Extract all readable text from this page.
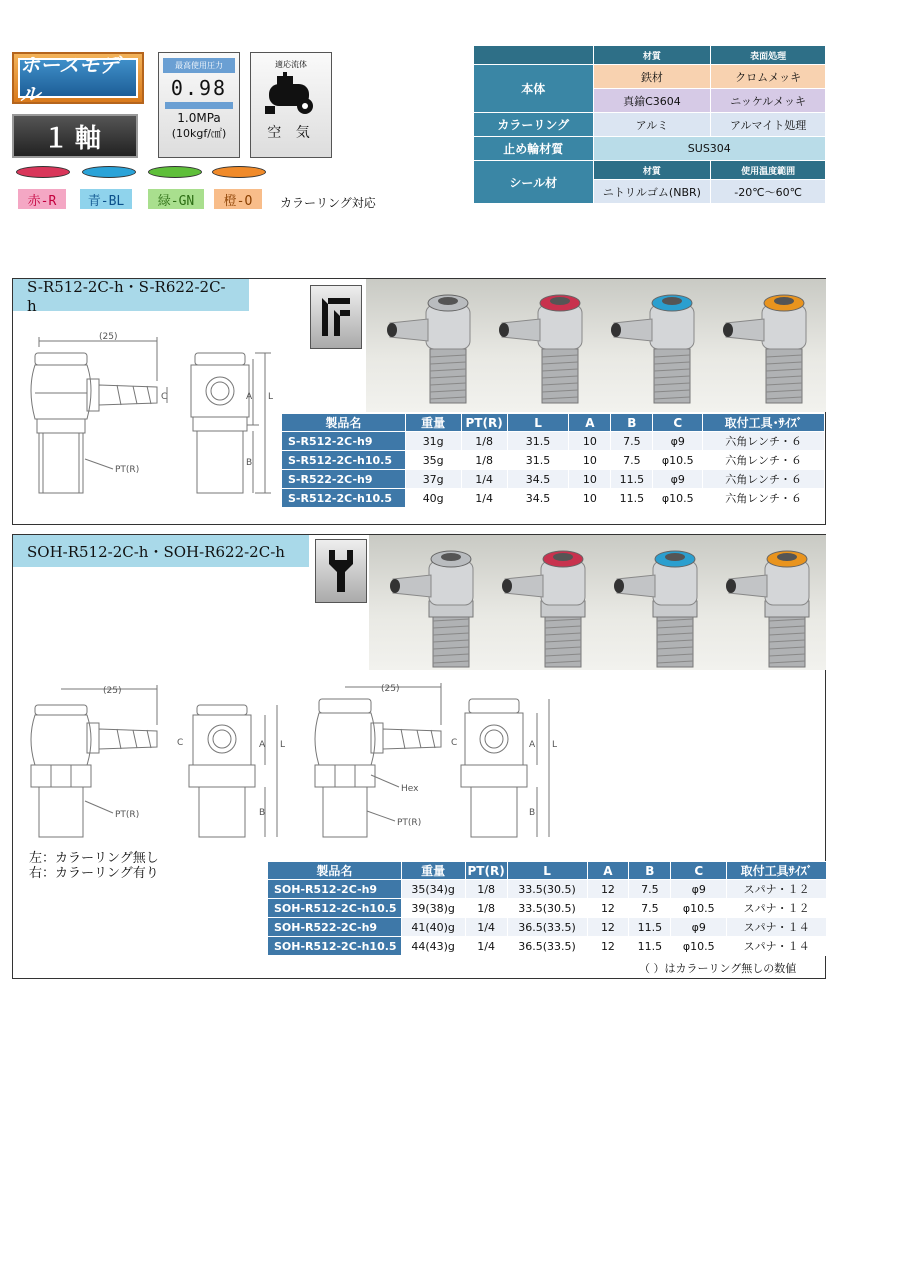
ホースモデル
１軸
最高使用圧力
0.98
1.0MPa
(10kgf/㎠)
適応流体
空 気
赤-R	青-BL	緑-GN	橙-O	カラーリング対応
	材質	表面処理
本体	鉄材	クロムメッキ
	真鍮C3604	ニッケルメッキ
カラーリング	アルミ	アルマイト処理
止め輪材質	SUS304	
シール材	材質	使用温度範囲
	ニトリルゴム(NBR)	-20℃～60℃
S-R512-2C-h・S-R622-2C-h
(25)
C
PT(R)
A L
B
製品名	重量	PT(R)	L	A	B	C	取付工具･ｻｲｽﾞ
S-R512-2C-h9	31g	1/8	31.5	10	7.5	φ9	六角レンチ・６
S-R512-2C-h10.5	35g	1/8	31.5	10	7.5	φ10.5	六角レンチ・６
S-R522-2C-h9	37g	1/4	34.5	10	11.5	φ9	六角レンチ・６
S-R512-2C-h10.5	40g	1/4	34.5	10	11.5	φ10.5	六角レンチ・６
SOH-R512-2C-h・SOH-R622-2C-h
(25)
C
PT(R)
A L
B
(25)
C
Hex
PT(R)
A L
B
左：カラーリング無し
右：カラーリング有り	製品名	重量	PT(R)	L	A	B	C	取付工具ｻｲｽﾞ
SOH-R512-2C-h9	35(34)g	1/8	33.5(30.5)	12	7.5	φ9	スパナ・１２
SOH-R512-2C-h10.5	39(38)g	1/8	33.5(30.5)	12	7.5	φ10.5	スパナ・１２
SOH-R522-2C-h9	41(40)g	1/4	36.5(33.5)	12	11.5	φ9	スパナ・１４
SOH-R512-2C-h10.5	44(43)g	1/4	36.5(33.5)	12	11.5	φ10.5	スパナ・１４
（ ）はカラーリング無しの数値
